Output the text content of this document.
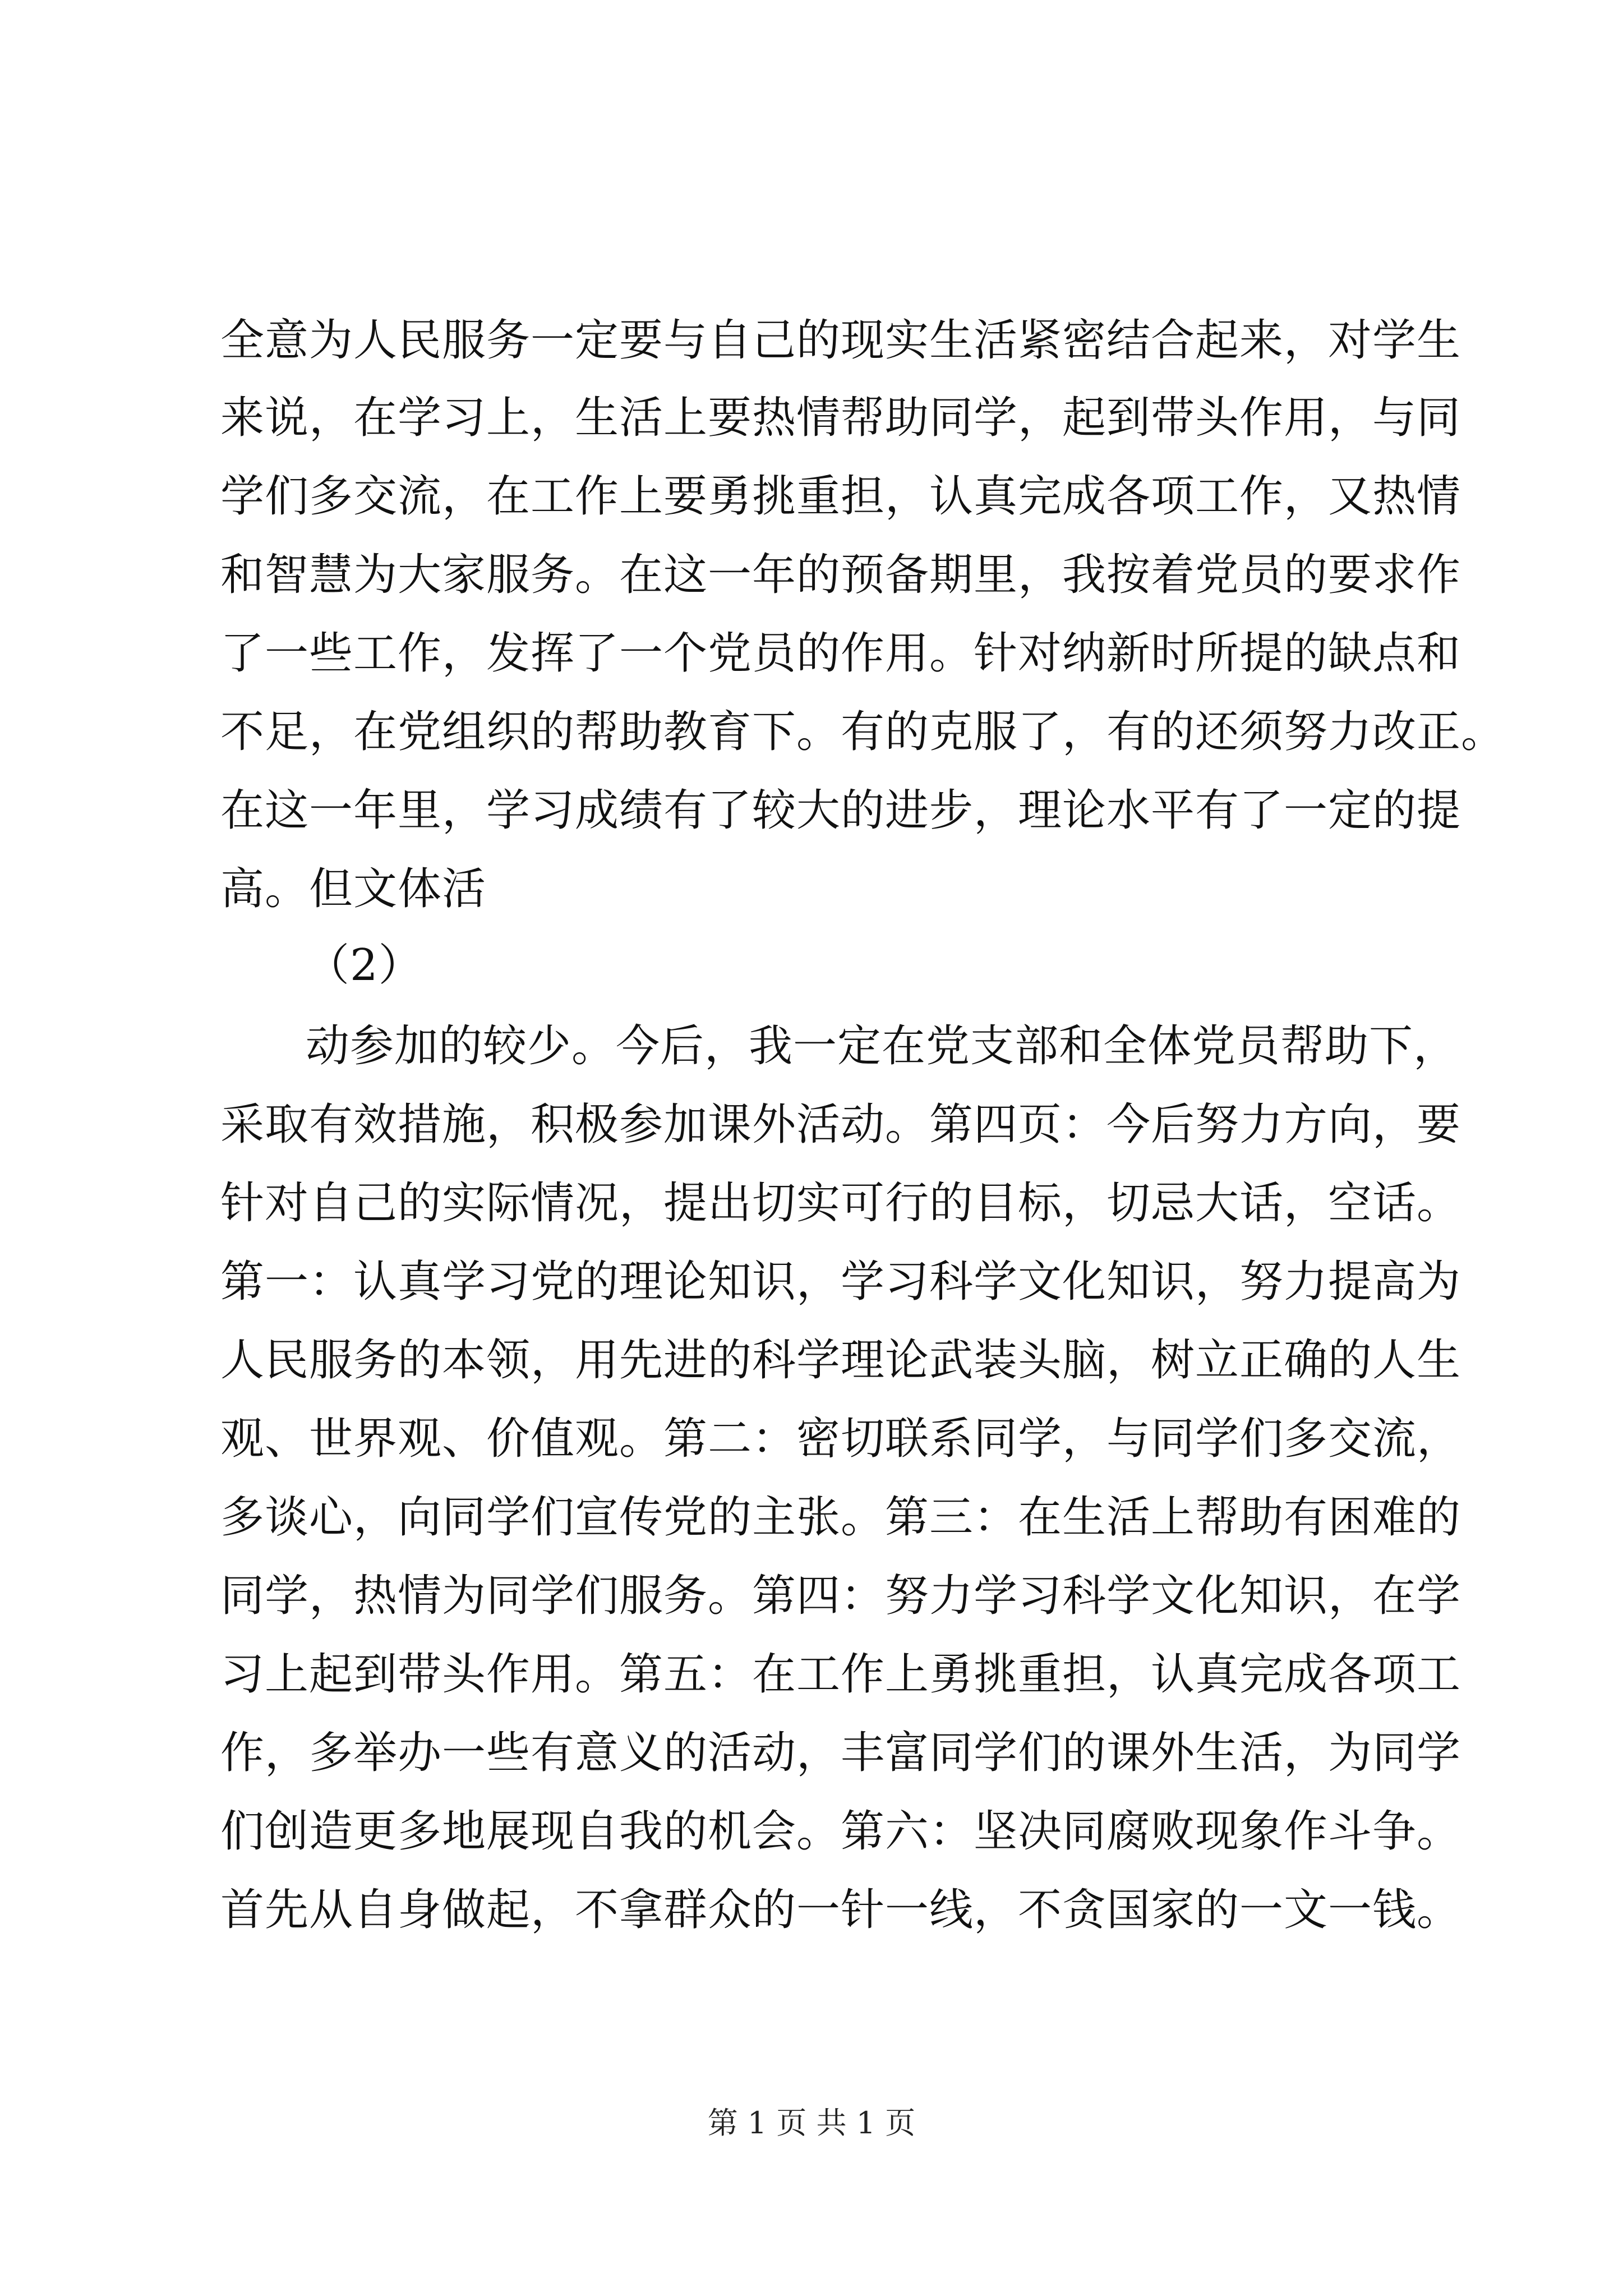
全意为人民服务一定要与自己的现实生活紧密结合起来，对学生
来说，在学习上，生活上要热情帮助同学，起到带头作用，与同
学们多交流，在工作上要勇挑重担，认真完成各项工作，又热情
和智慧为大家服务。在这一年的预备期里，我按着党员的要求作
了一些工作，发挥了一个党员的作用。针对纳新时所提的缺点和
不足，在党组织的帮助教育下。有的克服了，有的还须努力改正。
在这一年里，学习成绩有了较大的进步，理论水平有了一定的提
高。但文体活
（2）
动参加的较少。今后，我一定在党支部和全体党员帮助下，
采取有效措施，积极参加课外活动。第四页：今后努力方向，要
针对自己的实际情况，提出切实可行的目标，切忌大话，空话。
第一：认真学习党的理论知识，学习科学文化知识，努力提高为
人民服务的本领，用先进的科学理论武装头脑，树立正确的人生
观、世界观、价值观。第二：密切联系同学，与同学们多交流，
多谈心，向同学们宣传党的主张。第三：在生活上帮助有困难的
同学，热情为同学们服务。第四：努力学习科学文化知识，在学
习上起到带头作用。第五：在工作上勇挑重担，认真完成各项工
作，多举办一些有意义的活动，丰富同学们的课外生活，为同学
们创造更多地展现自我的机会。第六：坚决同腐败现象作斗争。
首先从自身做起，不拿群众的一针一线，不贪国家的一文一钱。
第 1 页 共 1 页
